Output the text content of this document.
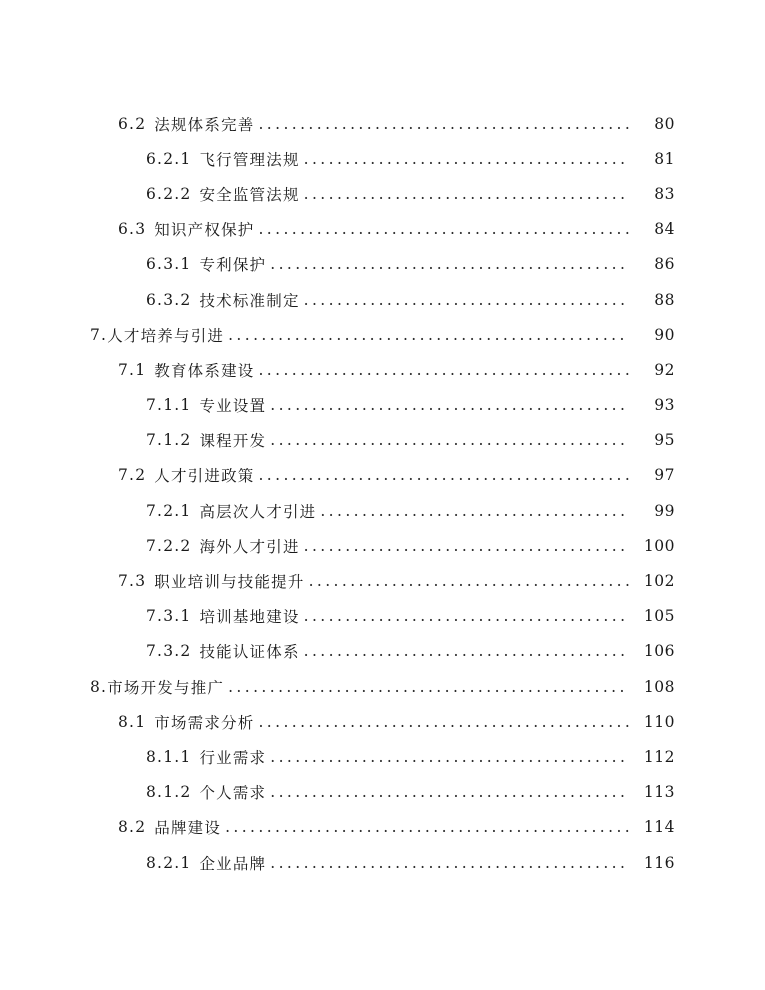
6.2 法规体系完善 .....	80
6.2.1 飞行管理法规 .....	81
6.2.2 安全监管法规 .....	83
6.3 知识产权保护 .....	84
6.3.1 专利保护 .....	86
6.3.2 技术标准制定 .....	88
7. 人才培养与引进 .....	90
7.1 教育体系建设 .....	92
7.1.1 专业设置 .....	93
7.1.2 课程开发 .....	95
7.2 人才引进政策 .....	97
7.2.1 高层次人才引进 .....	99
7.2.2 海外人才引进 .....	100
7.3 职业培训与技能提升 .....	102
7.3.1 培训基地建设 .....	105
7.3.2 技能认证体系 .....	106
8. 市场开发与推广 .....	108
8.1 市场需求分析 .....	110
8.1.1 行业需求 .....	112
8.1.2 个人需求 .....	113
8.2 品牌建设 .....	114
8.2.1 企业品牌 .....	116
